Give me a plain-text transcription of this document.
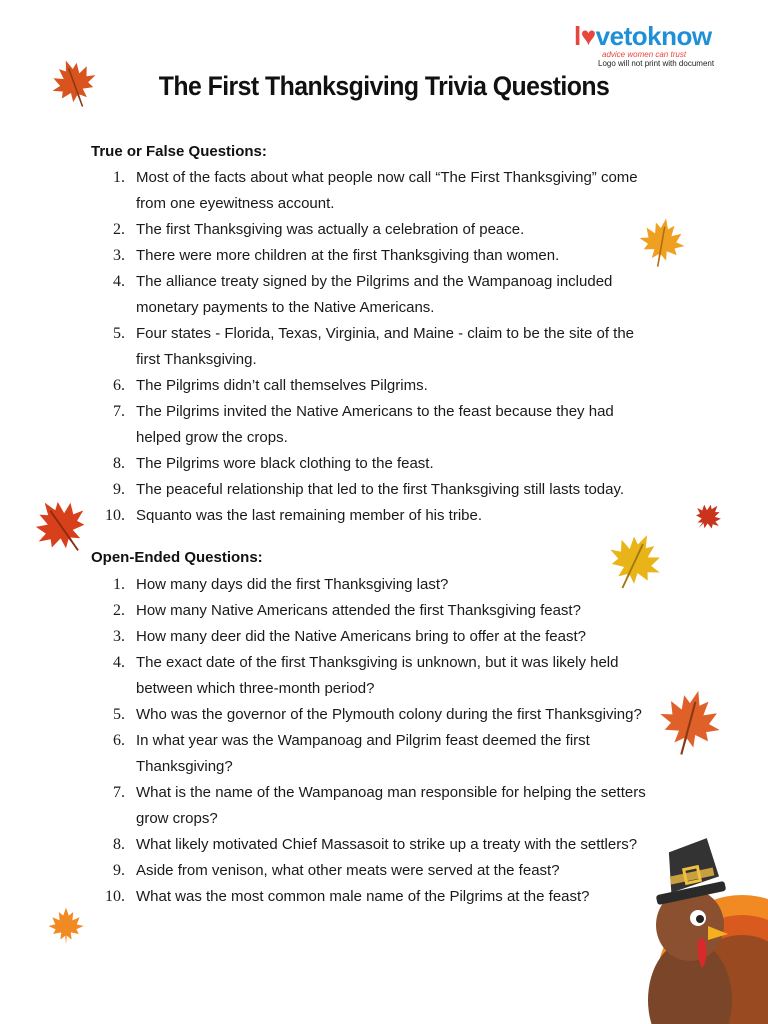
l♥vetoknow
advice women can trust
Logo will not print with document
The First Thanksgiving Trivia Questions
True or False Questions:
1. Most of the facts about what people now call “The First Thanksgiving” come from one eyewitness account.
2. The first Thanksgiving was actually a celebration of peace.
3. There were more children at the first Thanksgiving than women.
4. The alliance treaty signed by the Pilgrims and the Wampanoag included monetary payments to the Native Americans.
5. Four states - Florida, Texas, Virginia, and Maine - claim to be the site of the first Thanksgiving.
6. The Pilgrims didn’t call themselves Pilgrims.
7. The Pilgrims invited the Native Americans to the feast because they had helped grow the crops.
8. The Pilgrims wore black clothing to the feast.
9. The peaceful relationship that led to the first Thanksgiving still lasts today.
10. Squanto was the last remaining member of his tribe.
Open-Ended Questions:
1. How many days did the first Thanksgiving last?
2. How many Native Americans attended the first Thanksgiving feast?
3. How many deer did the Native Americans bring to offer at the feast?
4. The exact date of the first Thanksgiving is unknown, but it was likely held between which three-month period?
5. Who was the governor of the Plymouth colony during the first Thanksgiving?
6. In what year was the Wampanoag and Pilgrim feast deemed the first Thanksgiving?
7. What is the name of the Wampanoag man responsible for helping the setters grow crops?
8. What likely motivated Chief Massasoit to strike up a treaty with the settlers?
9. Aside from venison, what other meats were served at the feast?
10. What was the most common male name of the Pilgrims at the feast?
